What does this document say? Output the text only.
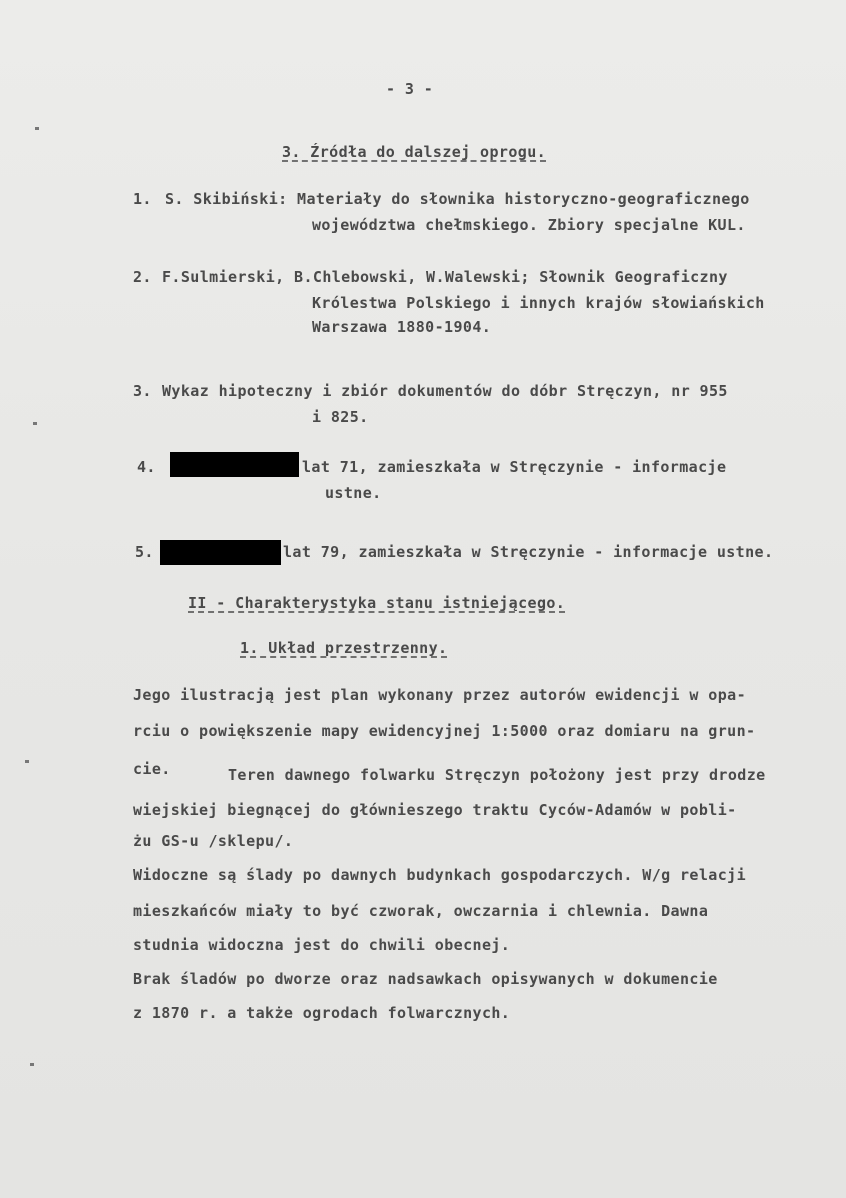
- 3 -
3. Źródła do dalszej oprogu.
1. S. Skibiński: Materiały do słownika historyczno-geograficznego
województwa chełmskiego. Zbiory specjalne KUL.
2. F.Sulmierski, B.Chlebowski, W.Walewski; Słownik Geograficzny
Królestwa Polskiego i innych krajów słowiańskich
Warszawa 1880-1904.
3. Wykaz hipoteczny i zbiór dokumentów do dóbr Stręczyn, nr 955
i 825.
4.	lat 71, zamieszkała w Stręczynie - informacje
ustne.
5.	lat 79, zamieszkała w Stręczynie - informacje ustne.
II - Charakterystyka stanu istniejącego.
1. Układ przestrzenny.
Jego ilustracją jest plan wykonany przez autorów ewidencji w opa-
rciu o powiększenie mapy ewidencyjnej 1:5000 oraz domiaru na grun-
cie.	Teren dawnego folwarku Stręczyn położony jest przy drodze
wiejskiej biegnącej do głównieszego traktu Cyców-Adamów w pobli-
żu GS-u /sklepu/.
Widoczne są ślady po dawnych budynkach gospodarczych. W/g relacji
mieszkańców miały to być czworak, owczarnia i chlewnia. Dawna
studnia widoczna jest do chwili obecnej.
Brak śladów po dworze oraz nadsawkach opisywanych w dokumencie
z 1870 r. a także ogrodach folwarcznych.
